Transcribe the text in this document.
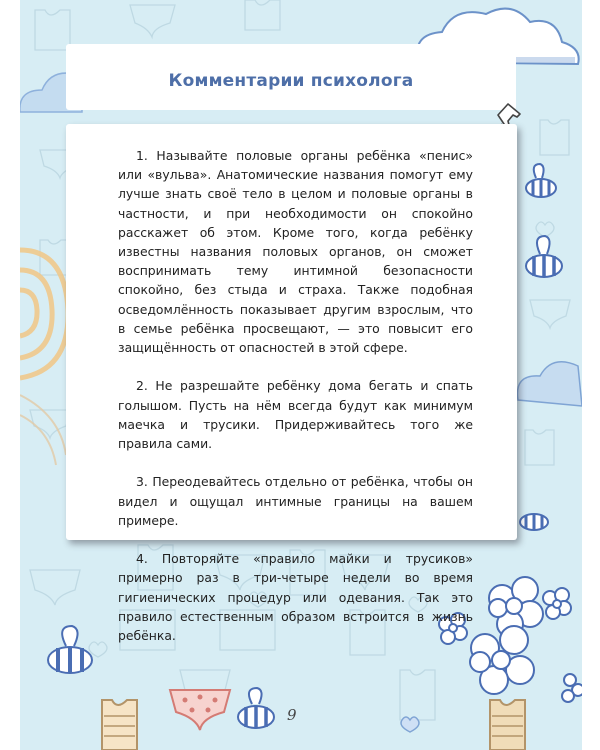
Комментарии психолога

1. Называйте половые органы ребёнка «пенис» или «вульва». Анатомические названия помогут ему лучше знать своё тело в целом и половые органы в частности, и при необходимости он спокойно расскажет об этом. Кроме того, когда ребёнку известны названия половых органов, он сможет воспринимать тему интимной безопасности спокойно, без стыда и страха. Также подобная осведомлённость показывает другим взрослым, что в семье ребёнка просвещают, — это повысит его защищённость от опасностей в этой сфере.

2. Не разрешайте ребёнку дома бегать и спать голышом. Пусть на нём всегда будут как минимум маечка и трусики. Придерживайтесь того же правила сами.

3. Переодевайтесь отдельно от ребёнка, чтобы он видел и ощущал интимные границы на вашем примере.

4. Повторяйте «правило майки и трусиков» примерно раз в три-четыре недели во время гигиенических процедур или одевания. Так это правило естественным образом встроится в жизнь ребёнка.

9
